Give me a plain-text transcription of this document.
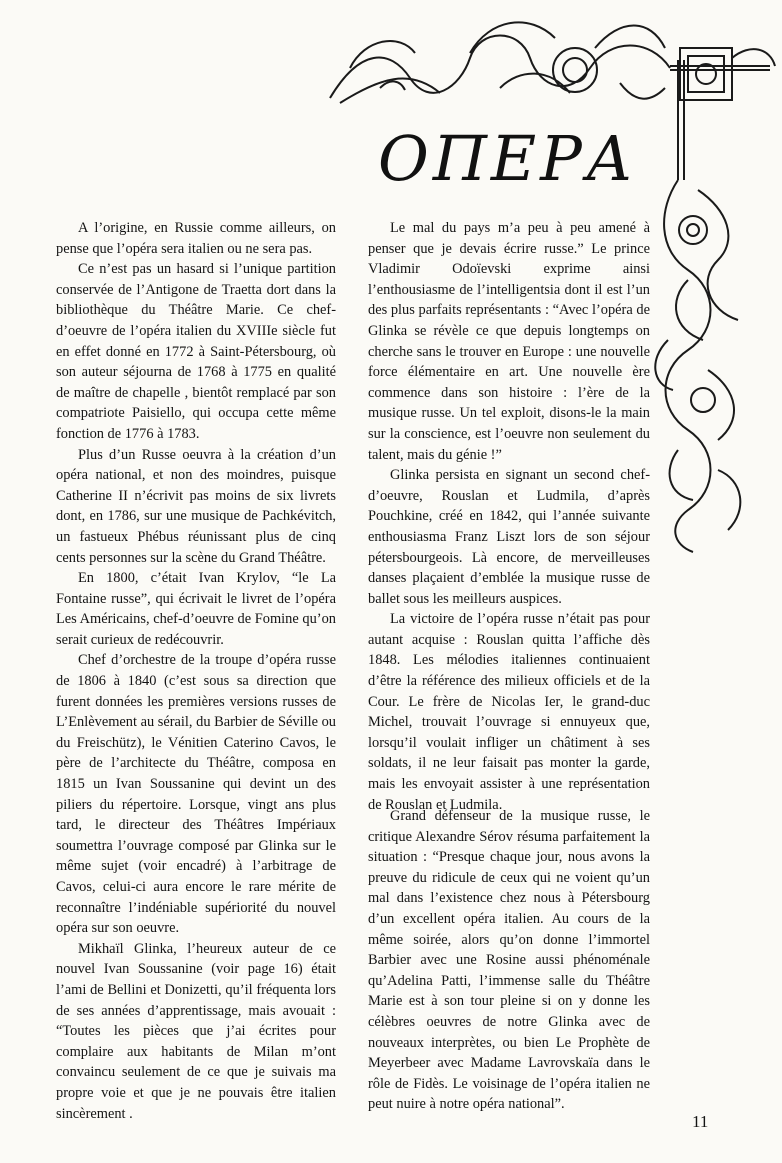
ОПЕРА

A l’origine, en Russie comme ailleurs, on pense que l’opéra sera italien ou ne sera pas.

Ce n’est pas un hasard si l’unique partition conservée de l’Antigone de Traetta dort dans la bibliothèque du Théâtre Marie. Ce chef-d’oeuvre de l’opéra italien du XVIIIe siècle fut en effet donné en 1772 à Saint-Pétersbourg, où son auteur séjourna de 1768 à 1775 en qualité de maître de chapelle , bientôt remplacé par son compatriote Paisiello, qui occupa cette même fonction de 1776 à 1783.

Plus d’un Russe oeuvra à la création d’un opéra national, et non des moindres, puisque Catherine II n’écrivit pas moins de six livrets dont, en 1786, sur une musique de Pachkévitch, un fastueux Phébus réunissant plus de cinq cents personnes sur la scène du Grand Théâtre.

En 1800, c’était Ivan Krylov, “le La Fontaine russe”, qui écrivait le livret de l’opéra Les Américains, chef-d’oeuvre de Fomine qu’on serait curieux de redécouvrir.

Chef d’orchestre de la troupe d’opéra russe de 1806 à 1840 (c’est sous sa direction que furent données les premières versions russes de L’Enlèvement au sérail, du Barbier de Séville ou du Freischütz), le Vénitien Caterino Cavos, le père de l’architecte du Théâtre, composa en 1815 un Ivan Soussanine qui devint un des piliers du répertoire. Lorsque, vingt ans plus tard, le directeur des Théâtres Impériaux soumettra l’ouvrage composé par Glinka sur le même sujet (voir encadré) à l’arbitrage de Cavos, celui-ci aura encore le rare mérite de reconnaître l’indéniable supériorité du nouvel opéra sur son oeuvre.

Mikhaïl Glinka, l’heureux auteur de ce nouvel Ivan Soussanine (voir page 16) était l’ami de Bellini et Donizetti, qu’il fréquenta lors de ses années d’apprentissage, mais avouait : “Toutes les pièces que j’ai écrites pour complaire aux habitants de Milan m’ont convaincu seulement de ce que je suivais ma propre voie et que je ne pouvais être italien sincèrement .

Le mal du pays m’a peu à peu amené à penser que je devais écrire russe.” Le prince Vladimir Odoïevski exprime ainsi l’enthousiasme de l’intelligentsia dont il est l’un des plus parfaits représentants : “Avec l’opéra de Glinka se révèle ce que depuis longtemps on cherche sans le trouver en Europe : une nouvelle force élémentaire en art. Une nouvelle ère commence dans son histoire : l’ère de la musique russe. Un tel exploit, disons-le la main sur la conscience, est l’oeuvre non seulement du talent, mais du génie !”

Glinka persista en signant un second chef-d’oeuvre, Rouslan et Ludmila, d’après Pouchkine, créé en 1842, qui l’année suivante enthousiasma Franz Liszt lors de son séjour pétersbourgeois. Là encore, de merveilleuses danses plaçaient d’emblée la musique russe de ballet sous les meilleurs auspices.

La victoire de l’opéra russe n’était pas pour autant acquise : Rouslan quitta l’affiche dès 1848. Les mélodies italiennes continuaient d’être la référence des milieux officiels et de la Cour. Le frère de Nicolas Ier, le grand-duc Michel, trouvait l’ouvrage si ennuyeux que, lorsqu’il voulait infliger un châtiment à ses soldats, il ne leur faisait pas monter la garde, mais les envoyait assister à une représentation de Rouslan et Ludmila.

Grand défenseur de la musique russe, le critique Alexandre Sérov résuma parfaitement la situation : “Presque chaque jour, nous avons la preuve du ridicule de ceux qui ne voient qu’un mal dans l’existence chez nous à Pétersbourg d’un excellent opéra italien. Au cours de la même soirée, alors qu’on donne l’immortel Barbier avec une Rosine aussi phénoménale qu’Adelina Patti, l’immense salle du Théâtre Marie est à son tour pleine si on y donne les célèbres oeuvres de notre Glinka avec de nouveaux interprètes, ou bien Le Prophète de Meyerbeer avec Madame Lavrovskaïa dans le rôle de Fidès. Le voisinage de l’opéra italien ne peut nuire à notre opéra national”.

11
